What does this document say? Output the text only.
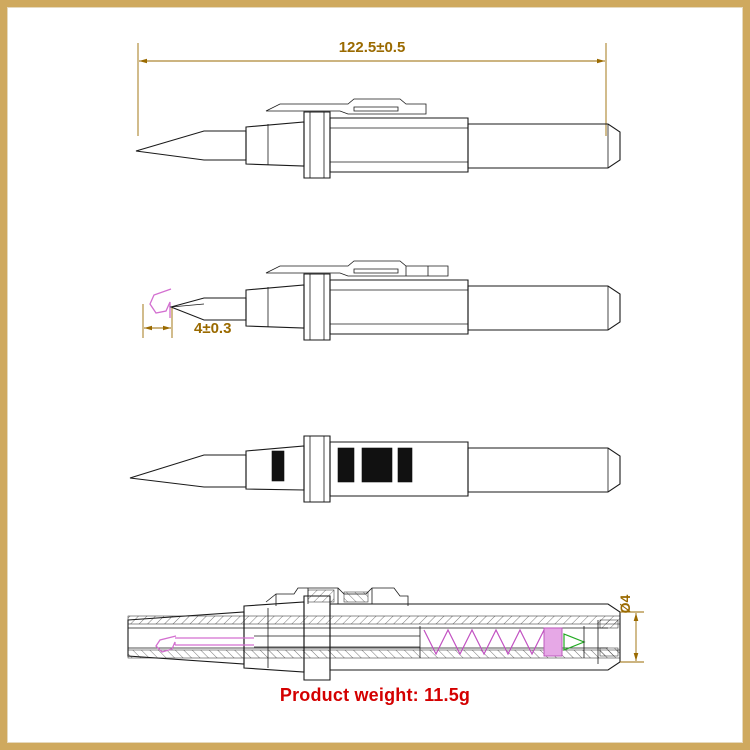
122.5±0.5
4±0.3
Ø4
Product weight: 11.5g
